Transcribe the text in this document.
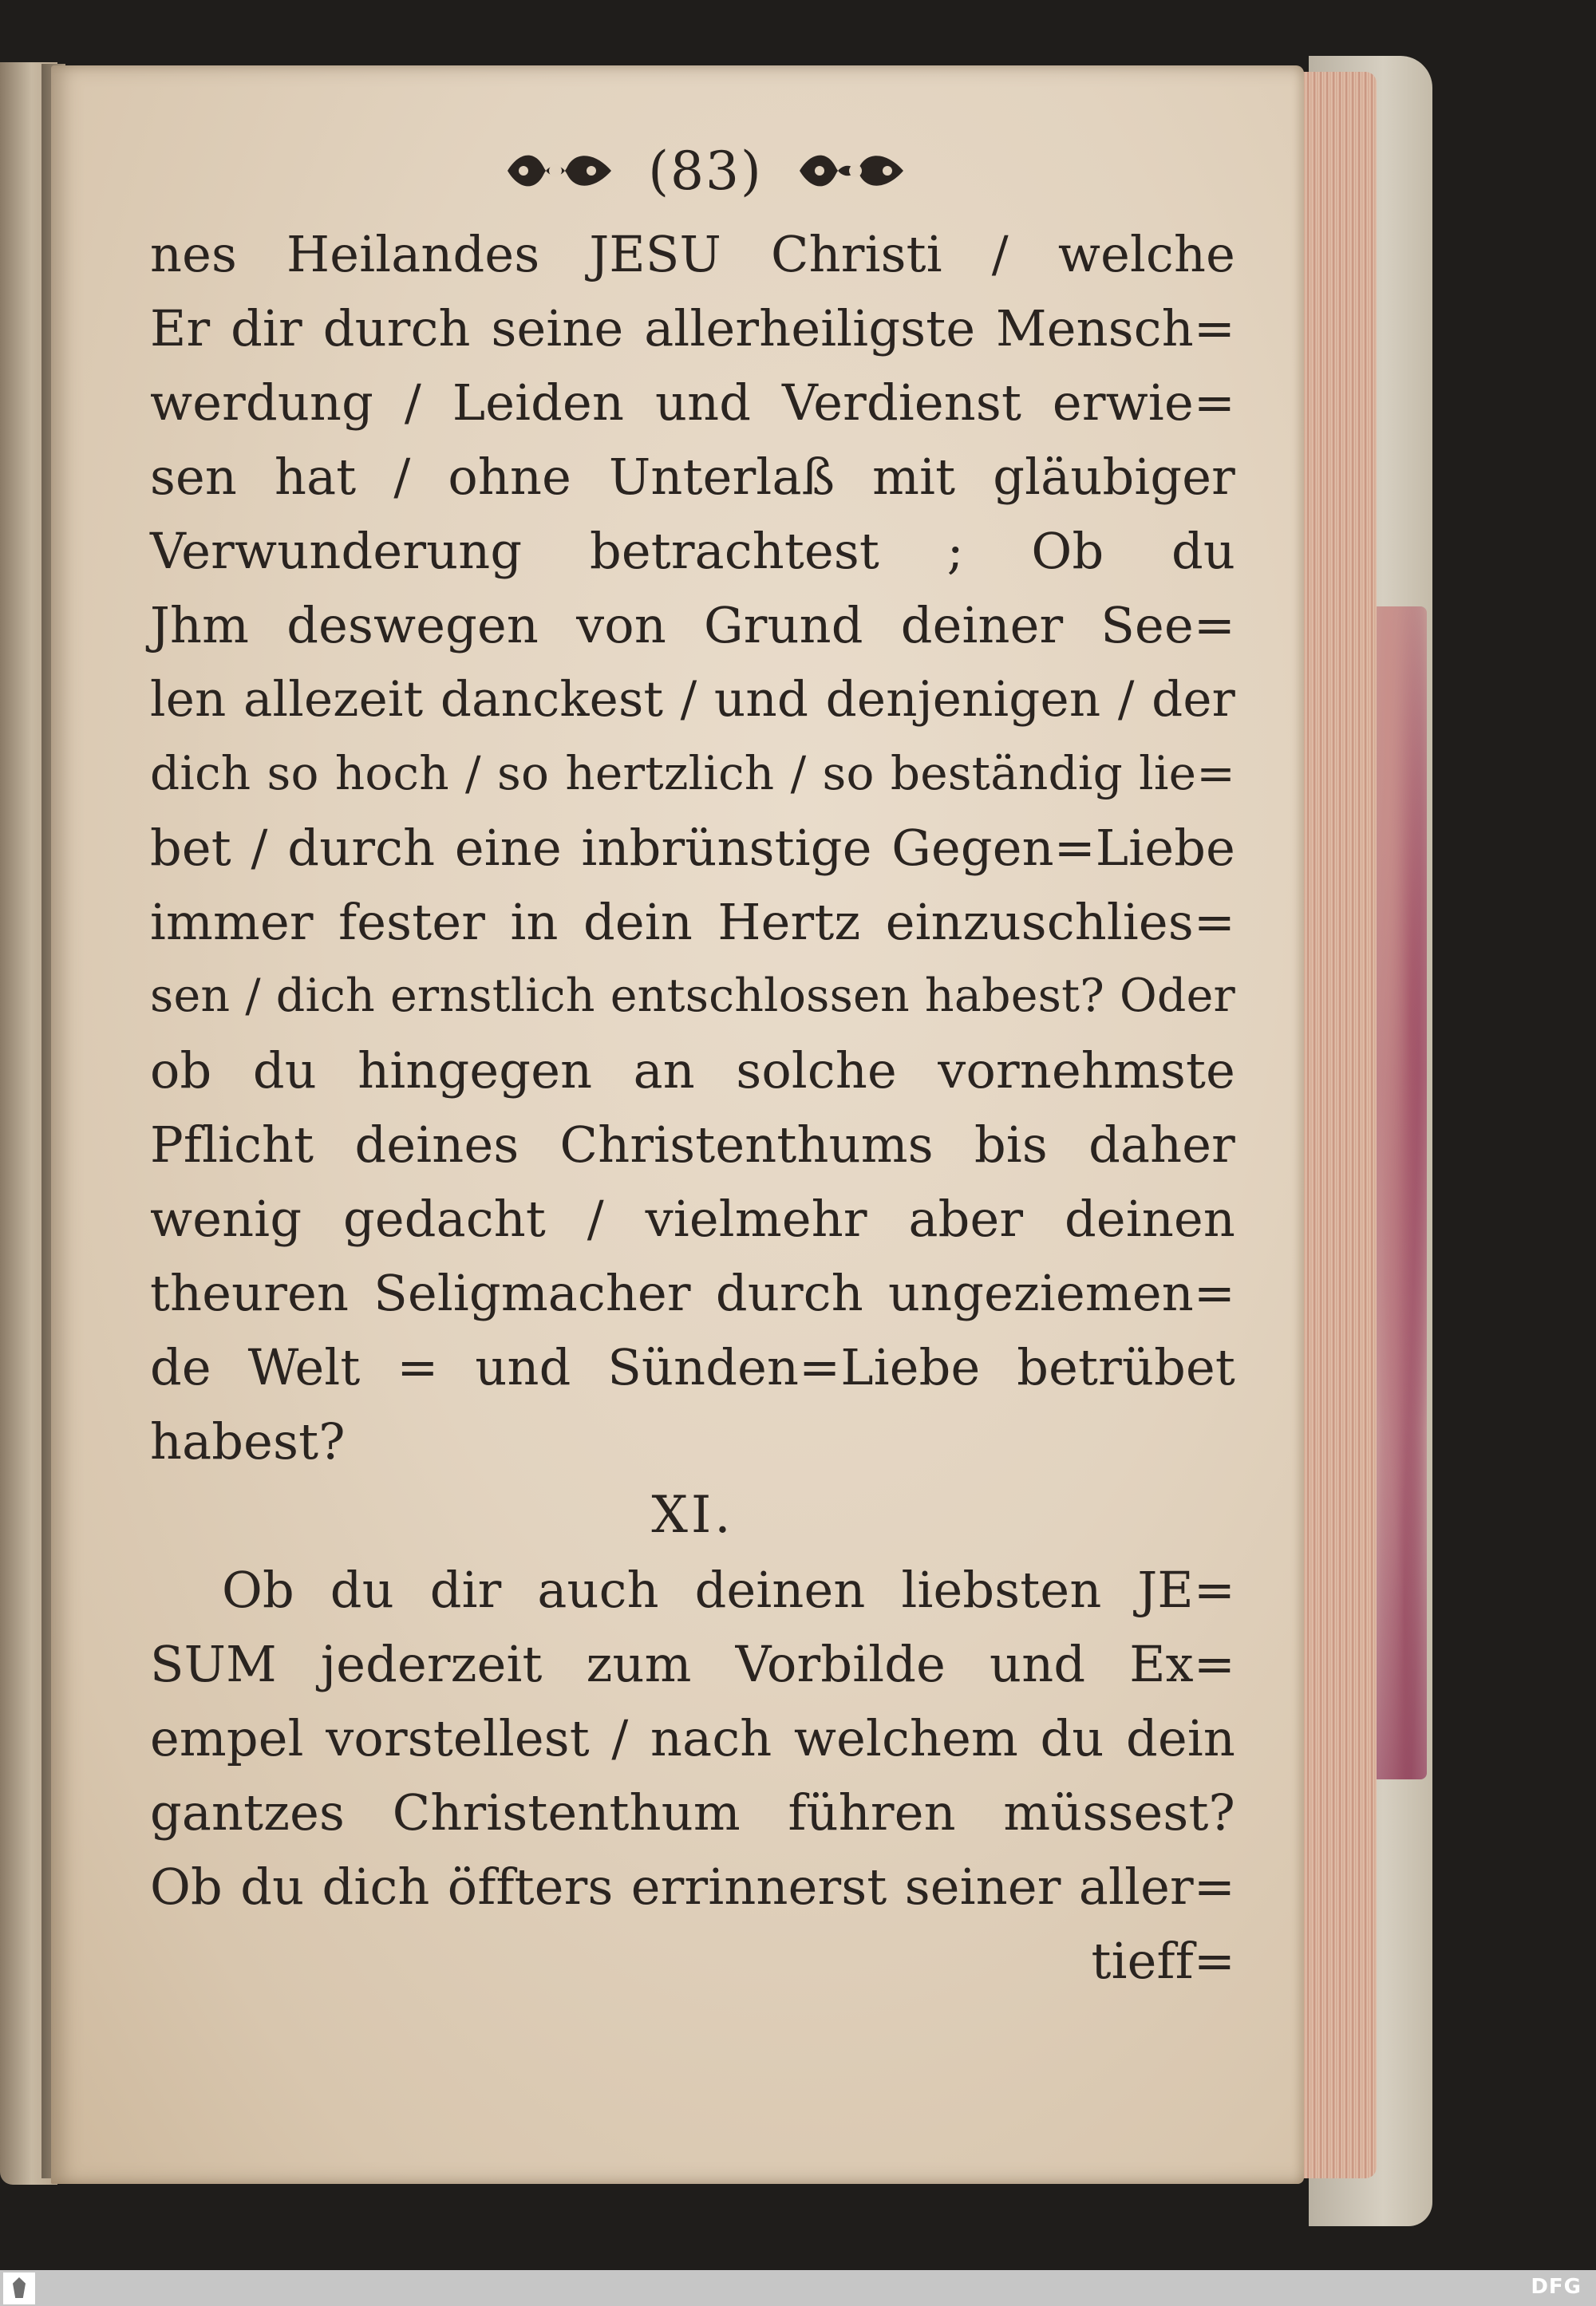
(83)
nes Heilandes JESU Christi / welche
Er dir durch seine allerheiligste Mensch=
werdung / Leiden und Verdienst erwie=
sen hat / ohne Unterlaß mit gläubiger
Verwunderung betrachtest ; Ob du
Jhm deswegen von Grund deiner See=
len allezeit danckest / und denjenigen / der
dich so hoch / so hertzlich / so beständig lie=
bet / durch eine inbrünstige Gegen=Liebe
immer fester in dein Hertz einzuschlies=
sen / dich ernstlich entschlossen habest? Oder
ob du hingegen an solche vornehmste
Pflicht deines Christenthums bis daher
wenig gedacht / vielmehr aber deinen
theuren Seligmacher durch ungeziemen=
de Welt = und Sünden=Liebe betrübet
habest?
XI.
Ob du dir auch deinen liebsten JE=
SUM jederzeit zum Vorbilde und Ex=
empel vorstellest / nach welchem du dein
gantzes Christenthum führen müssest?
Ob du dich öffters errinnerst seiner aller=
tieff=
DFG
